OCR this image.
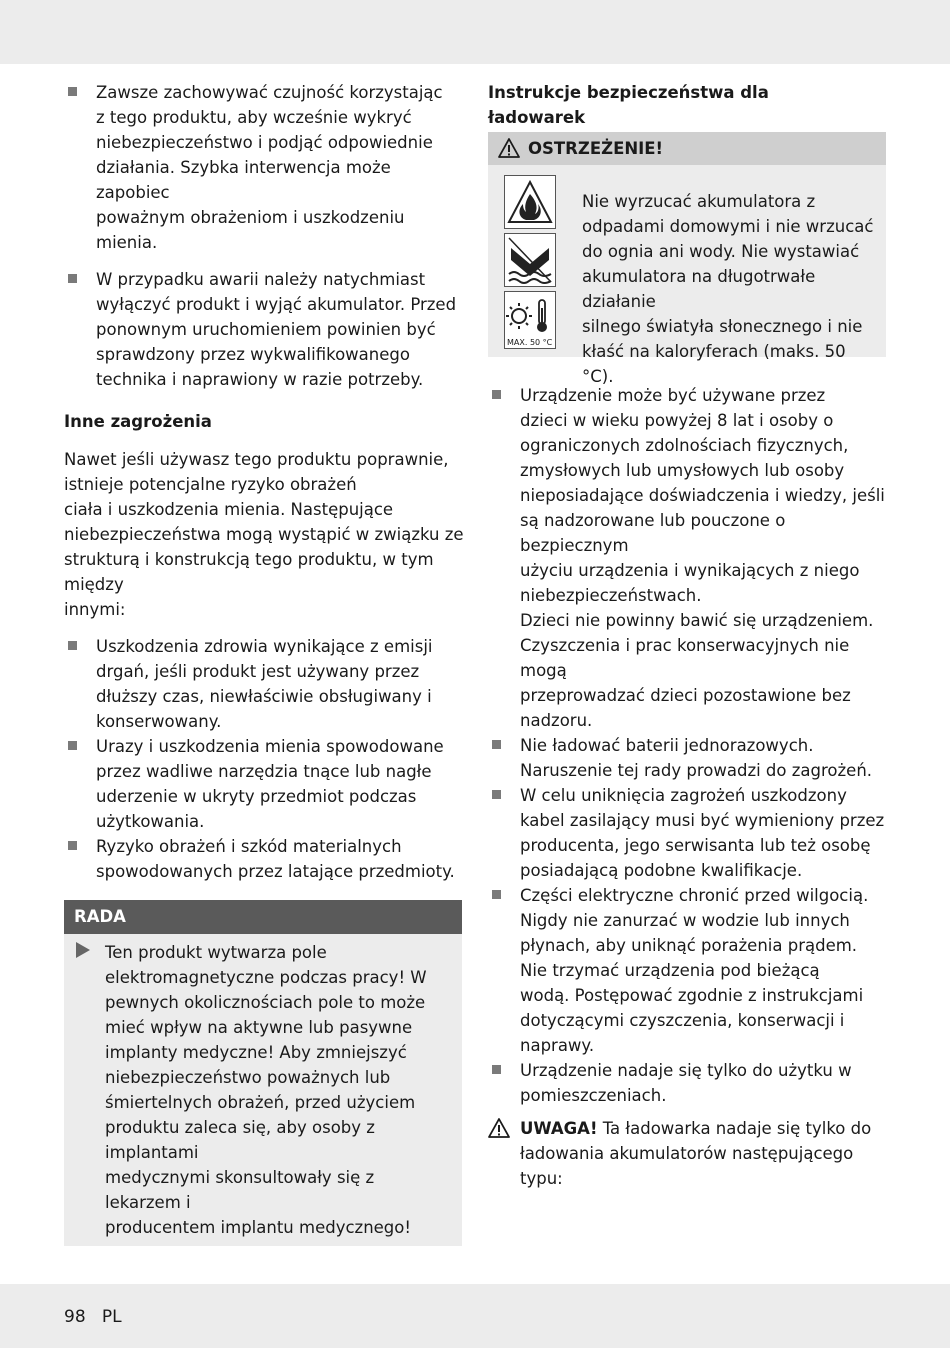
Zawsze zachowywać czujność korzystając
z tego produktu, aby wcześnie wykryć
niebezpieczeństwo i podjąć odpowiednie
działania. Szybka interwencja może zapobiec
poważnym obrażeniom i uszkodzeniu mienia.

W przypadku awarii należy natychmiast
wyłączyć produkt i wyjąć akumulator. Przed
ponownym uruchomieniem powinien być
sprawdzony przez wykwalifikowanego
technika i naprawiony w razie potrzeby.

Inne zagrożenia

Nawet jeśli używasz tego produktu poprawnie,
istnieje potencjalne ryzyko obrażeń
ciała i uszkodzenia mienia. Następujące
niebezpieczeństwa mogą wystąpić w związku ze
strukturą i konstrukcją tego produktu, w tym między
innymi:

Uszkodzenia zdrowia wynikające z emisji
drgań, jeśli produkt jest używany przez
dłuższy czas, niewłaściwie obsługiwany i
konserwowany.

Urazy i uszkodzenia mienia spowodowane
przez wadliwe narzędzia tnące lub nagłe
uderzenie w ukryty przedmiot podczas
użytkowania.

Ryzyko obrażeń i szkód materialnych
spowodowanych przez latające przedmioty.

RADA
Ten produkt wytwarza pole
elektromagnetyczne podczas pracy! W
pewnych okolicznościach pole to może
mieć wpływ na aktywne lub pasywne
implanty medyczne! Aby zmniejszyć
niebezpieczeństwo poważnych lub
śmiertelnych obrażeń, przed użyciem
produktu zaleca się, aby osoby z implantami
medycznymi skonsultowały się z lekarzem i
producentem implantu medycznego!

Instrukcje bezpieczeństwa dla
ładowarek

OSTRZEŻENIE!
MAX. 50 °C
Nie wyrzucać akumulatora z
odpadami domowymi i nie wrzucać
do ognia ani wody. Nie wystawiać
akumulatora na długotrwałe działanie
silnego światyła słonecznego i nie
kłaść na kaloryferach (maks. 50 °C).

Urządzenie może być używane przez
dzieci w wieku powyżej 8 lat i osoby o
ograniczonych zdolnościach fizycznych,
zmysłowych lub umysłowych lub osoby
nieposiadające doświadczenia i wiedzy, jeśli
są nadzorowane lub pouczone o bezpiecznym
użyciu urządzenia i wynikających z niego
niebezpieczeństwach.
Dzieci nie powinny bawić się urządzeniem.
Czyszczenia i prac konserwacyjnych nie mogą
przeprowadzać dzieci pozostawione bez
nadzoru.

Nie ładować baterii jednorazowych.
Naruszenie tej rady prowadzi do zagrożeń.

W celu uniknięcia zagrożeń uszkodzony
kabel zasilający musi być wymieniony przez
producenta, jego serwisanta lub też osobę
posiadającą podobne kwalifikacje.

Części elektryczne chronić przed wilgocią.
Nigdy nie zanurzać w wodzie lub innych
płynach, aby uniknąć porażenia prądem.
Nie trzymać urządzenia pod bieżącą
wodą. Postępować zgodnie z instrukcjami
dotyczącymi czyszczenia, konserwacji i
naprawy.

Urządzenie nadaje się tylko do użytku w
pomieszczeniach.

UWAGA! Ta ładowarka nadaje się tylko do
ładowania akumulatorów następującego typu:

98 PL
